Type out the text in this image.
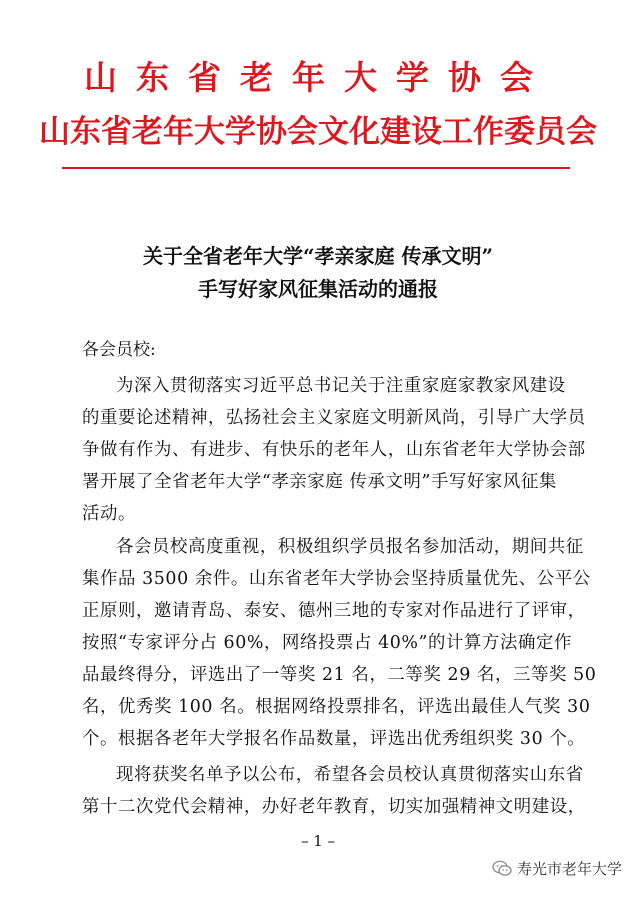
山东省老年大学协会
山东省老年大学协会文化建设工作委员会
关于全省老年大学“孝亲家庭 传承文明”
手写好家风征集活动的通报
各会员校:
为深入贯彻落实习近平总书记关于注重家庭家教家风建设
的重要论述精神，弘扬社会主义家庭文明新风尚，引导广大学员
争做有作为、有进步、有快乐的老年人，山东省老年大学协会部
署开展了全省老年大学“孝亲家庭 传承文明”手写好家风征集
活动。
各会员校高度重视，积极组织学员报名参加活动，期间共征
集作品 3500 余件。山东省老年大学协会坚持质量优先、公平公
正原则，邀请青岛、泰安、德州三地的专家对作品进行了评审，
按照“专家评分占 60%，网络投票占 40%”的计算方法确定作
品最终得分，评选出了一等奖 21 名，二等奖 29 名，三等奖 50
名，优秀奖 100 名。根据网络投票排名，评选出最佳人气奖 30
个。根据各老年大学报名作品数量，评选出优秀组织奖 30 个。
现将获奖名单予以公布，希望各会员校认真贯彻落实山东省
第十二次党代会精神，办好老年教育，切实加强精神文明建设，
– 1 –
寿光市老年大学
